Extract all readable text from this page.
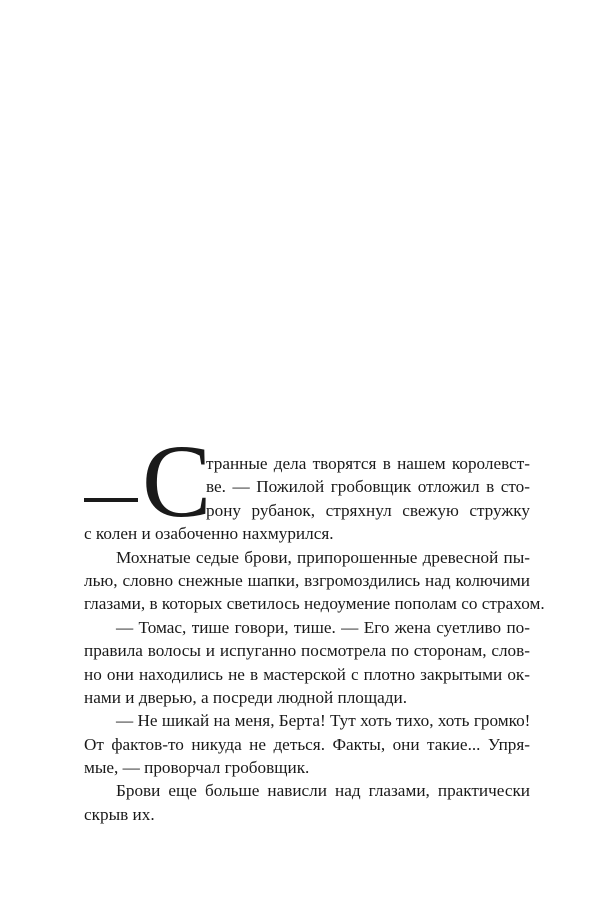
С
транные дела творятся в нашем королевст-
ве. — Пожилой гробовщик отложил в сто-
рону рубанок, стряхнул свежую стружку
с колен и озабоченно нахмурился.
Мохнатые седые брови, припорошенные древесной пы-
лью, словно снежные шапки, взгромоздились над колючими
глазами, в которых светилось недоумение пополам со страхом.
— Томас, тише говори, тише. — Его жена суетливо по-
правила волосы и испуганно посмотрела по сторонам, слов-
но они находились не в мастерской с плотно закрытыми ок-
нами и дверью, а посреди людной площади.
— Не шикай на меня, Берта! Тут хоть тихо, хоть громко!
От фактов-то никуда не деться. Факты, они такие... Упря-
мые, — проворчал гробовщик.
Брови еще больше нависли над глазами, практически
скрыв их.
